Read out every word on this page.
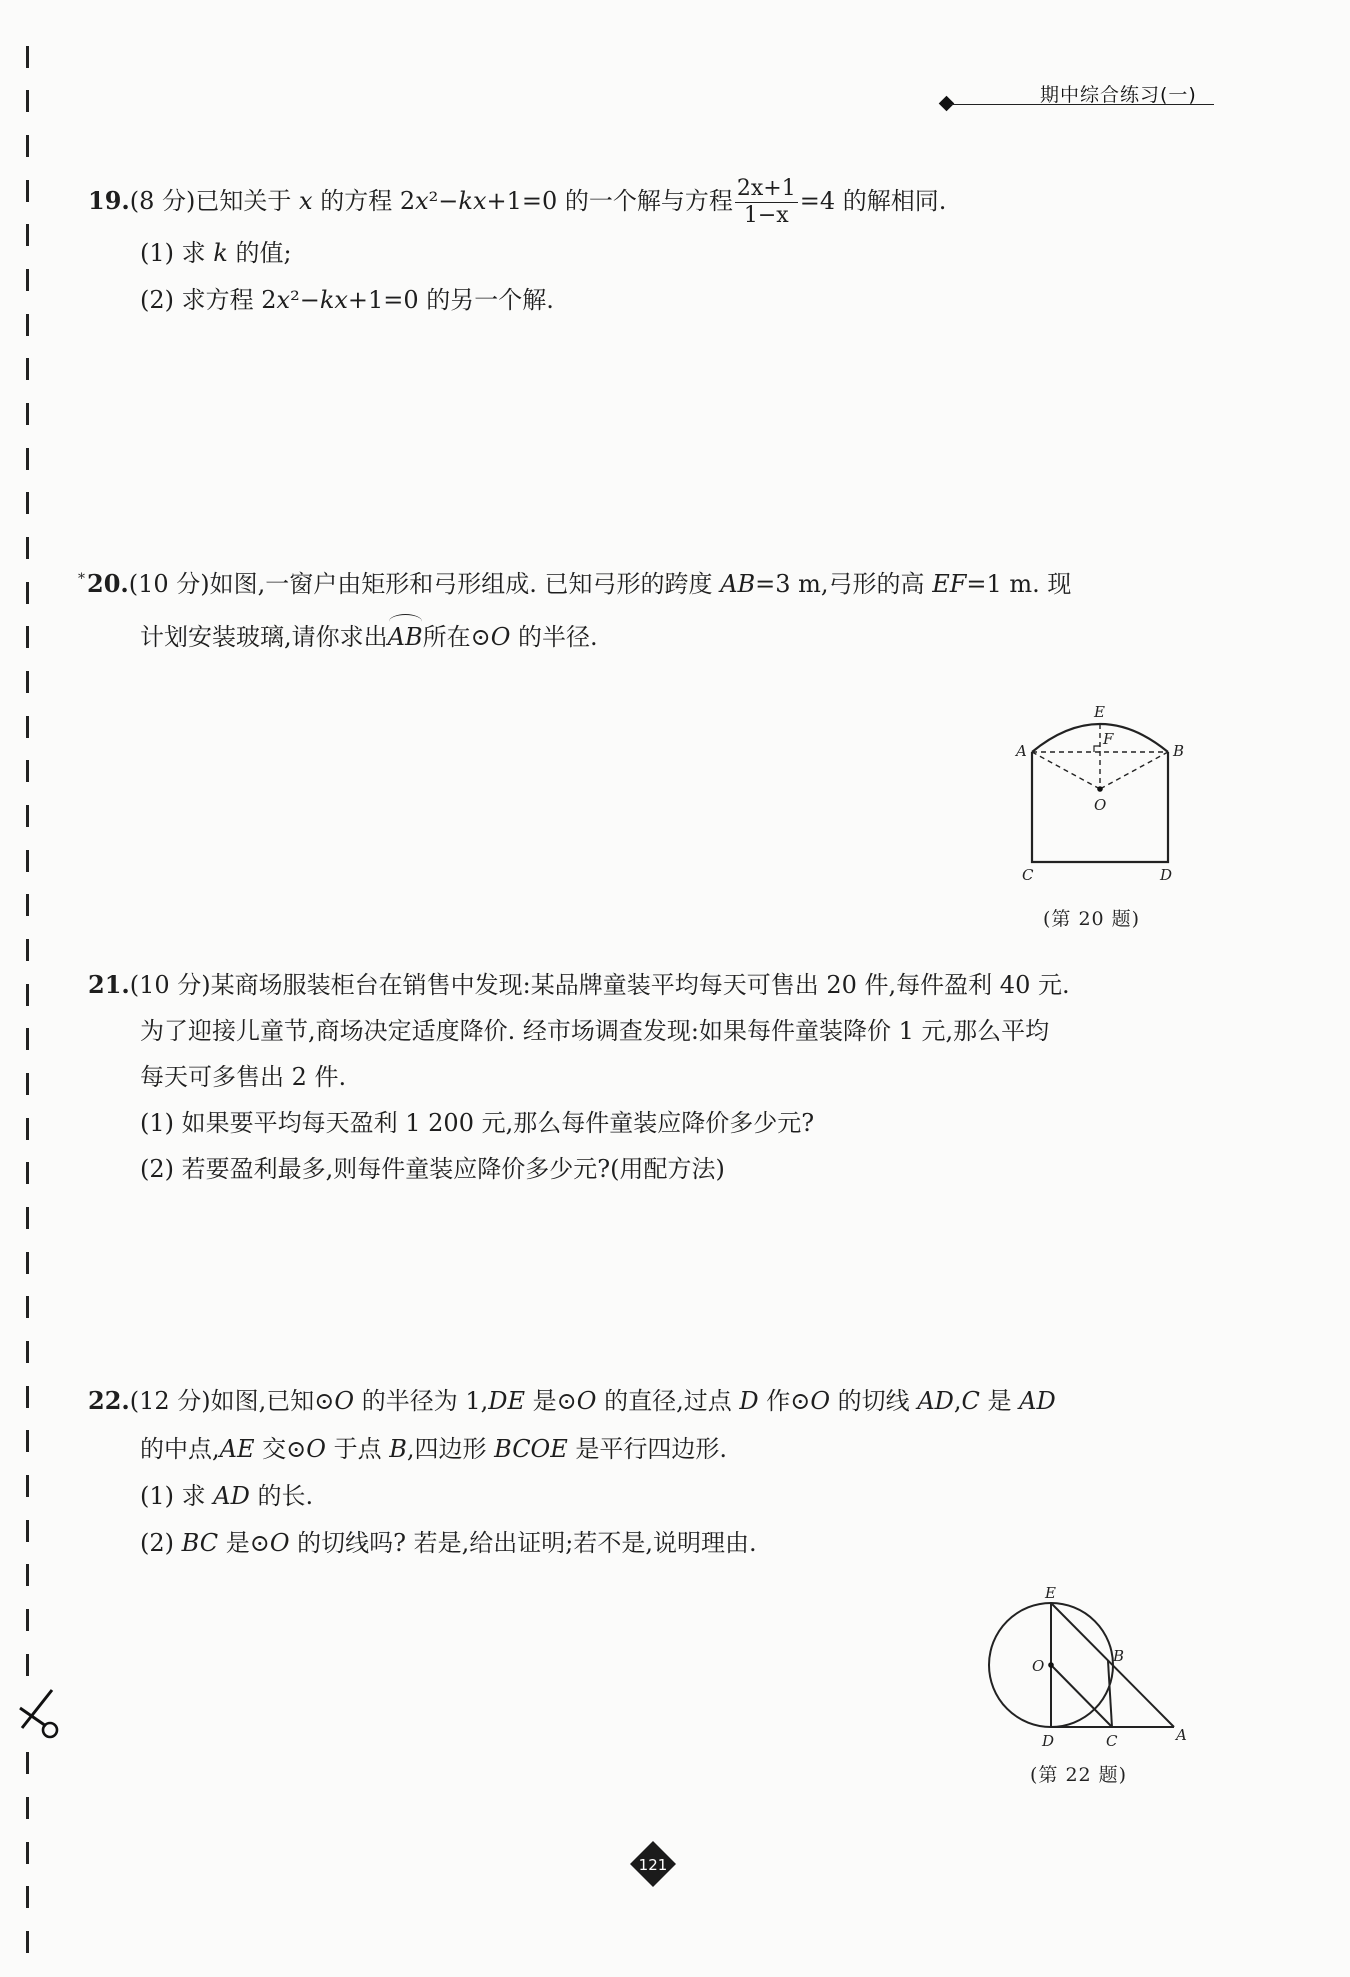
期中综合练习(一)
19.(8 分)已知关于 x 的方程 2x²−kx+1=0 的一个解与方程 $\frac{2x+1}{1-x} =4$ 的解相同.
(1) 求 k 的值;
(2) 求方程 2x²−kx+1=0 的另一个解.
*20.(10 分)如图,一窗户由矩形和弓形组成. 已知弓形的跨度 AB=3 m,弓形的高 EF=1 m. 现
计划安装玻璃,请你求出AB所在⊙O 的半径.
E
F
A	B
O
C	D
(第 20 题)
21.(10 分)某商场服装柜台在销售中发现:某品牌童装平均每天可售出 20 件,每件盈利 40 元.
为了迎接儿童节,商场决定适度降价. 经市场调查发现:如果每件童装降价 1 元,那么平均
每天可多售出 2 件.
(1) 如果要平均每天盈利 1 200 元,那么每件童装应降价多少元?
(2) 若要盈利最多,则每件童装应降价多少元?(用配方法)
22.(12 分)如图,已知⊙O 的半径为 1,DE 是⊙O 的直径,过点 D 作⊙O 的切线 AD,C 是 AD
的中点,AE 交⊙O 于点 B,四边形 BCOE 是平行四边形.
(1) 求 AD 的长.
(2) BC 是⊙O 的切线吗? 若是,给出证明;若不是,说明理由.
E
O
B
D	C	A
(第 22 题)
121
